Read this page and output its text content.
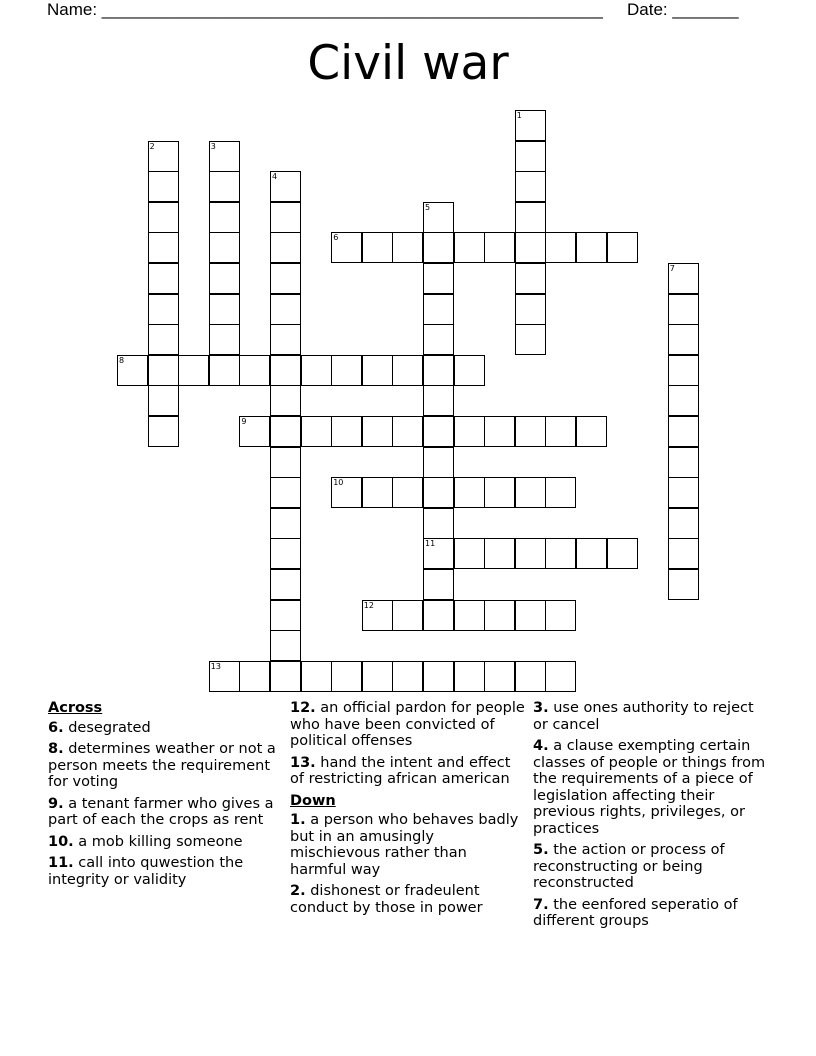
Name: _____________________________________________________ Date: _______
Civil war
1
2	3
4
5
11
6
7
8
9
10
12
13
Across
6. desegrated
8. determines weather or not a person meets the requirement for voting
9. a tenant farmer who gives a part of each the crops as rent
10. a mob killing someone
11. call into quwestion the integrity or validity
12. an official pardon for people who have been convicted of political offenses
13. hand the intent and effect of restricting african american
Down
1. a person who behaves badly but in an amusingly mischievous rather than harmful way
2. dishonest or fradeulent conduct by those in power
3. use ones authority to reject or cancel
4. a clause exempting certain classes of people or things from the requirements of a piece of legislation affecting their previous rights, privileges, or practices
5. the action or process of reconstructing or being reconstructed
7. the eenfored seperatio of different groups
